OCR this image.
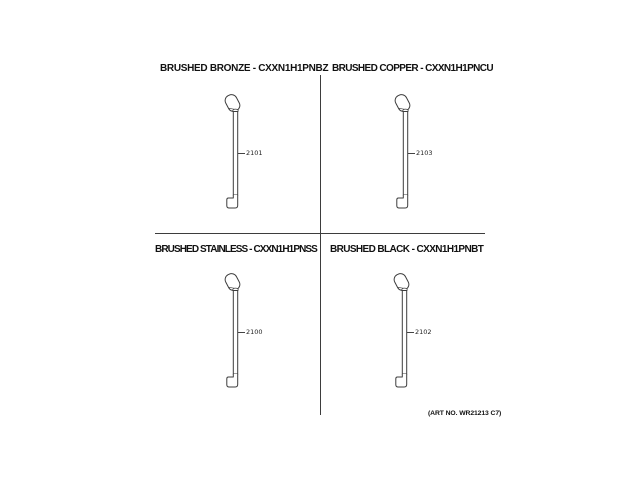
BRUSHED BRONZE - CXXN1H1PNBZ BRUSHED COPPER - CXXN1H1PNCU
BRUSHED STAINLESS - CXXN1H1PNSS BRUSHED BLACK - CXXN1H1PNBT
2101	2103
2100	2102
(ART NO. WR21213 C7)
